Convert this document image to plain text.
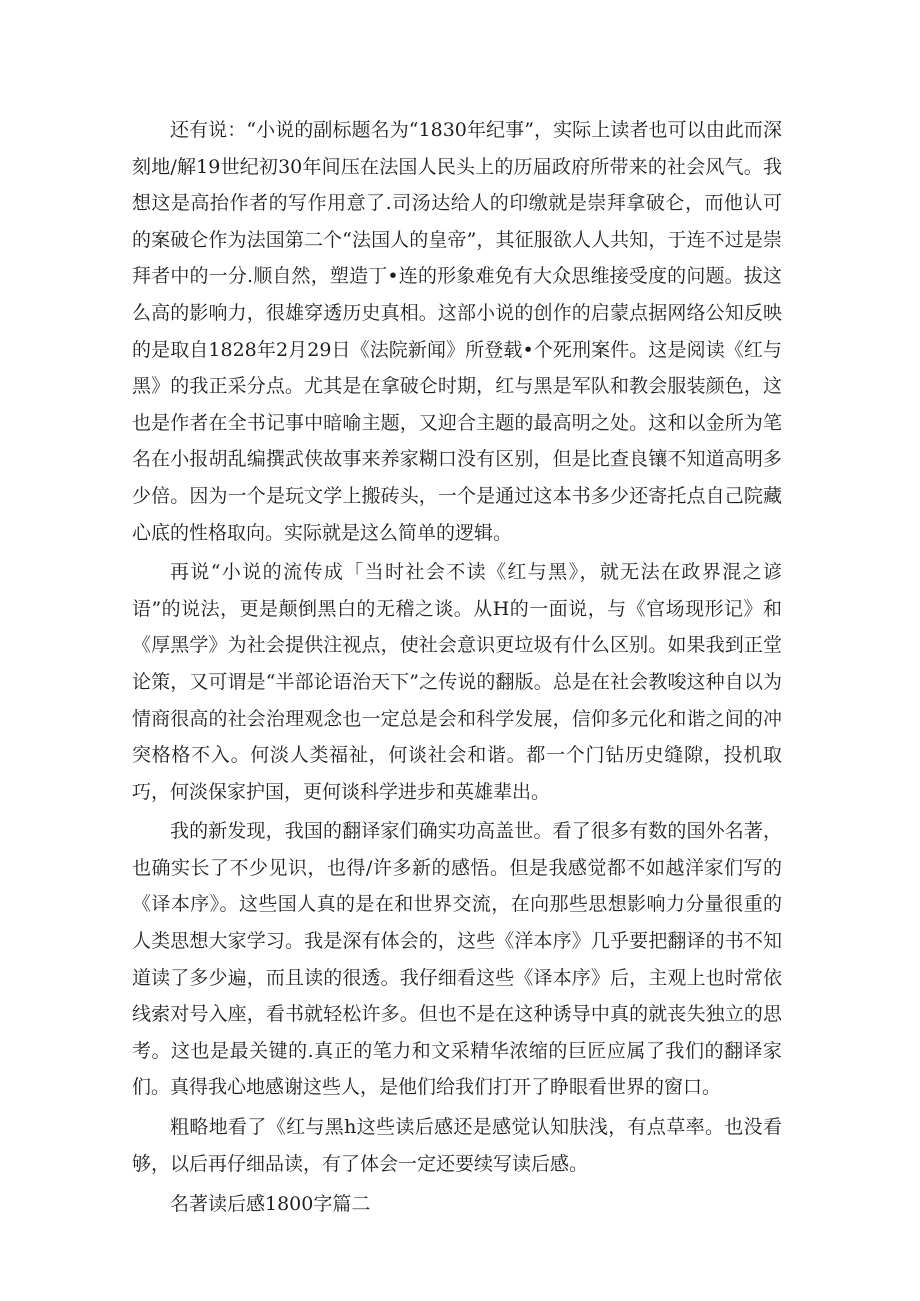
还有说：“小说的副标题名为“1830年纪事”，实际上读者也可以由此而深刻地/解19世纪初30年间压在法国人民头上的历届政府所带来的社会风气。我想这是高抬作者的写作用意了.司汤达给人的印缴就是崇拜拿破仑，而他认可的案破仑作为法国第二个“法国人的皇帝”，其征服欲人人共知，于连不过是崇拜者中的一分.顺自然，塑造丁•连的形象难免有大众思维接受度的问题。拔这么高的影响力，很雄穿透历史真相。这部小说的创作的启蒙点据网络公知反映的是取自1828年2月29日《法院新闻》所登载•个死刑案件。这是阅读《红与黑》的我正采分点。尤其是在拿破仑时期，红与黑是军队和教会服装颜色，这也是作者在全书记事中暗喻主题，又迎合主题的最高明之处。这和以金所为笔名在小报胡乱编撰武侠故事来养家糊口没有区别，但是比查良镶不知道高明多少倍。因为一个是玩文学上搬砖头，一个是通过这本书多少还寄托点自己院藏心底的性格取向。实际就是这么简单的逻辑。

再说“小说的流传成「当时社会不读《红与黑》，就无法在政界混之谚语”的说法，更是颠倒黑白的无稽之谈。从H的一面说，与《官场现形记》和《厚黑学》为社会提供注视点，使社会意识更垃圾有什么区别。如果我到正堂论策，又可谓是“半部论语治天下”之传说的翻版。总是在社会教唆这种自以为情商很高的社会治理观念也一定总是会和科学发展，信仰多元化和谐之间的冲突格格不入。何淡人类福祉，何谈社会和谐。都一个门钻历史缝隙，投机取巧，何淡保家护国，更何谈科学进步和英雄辈出。

我的新发现，我国的翻译家们确实功高盖世。看了很多有数的国外名著，也确实长了不少见识，也得/许多新的感悟。但是我感觉都不如越洋家们写的《译本序》。这些国人真的是在和世界交流，在向那些思想影响力分量很重的人类思想大家学习。我是深有体会的，这些《洋本序》几乎要把翻译的书不知道读了多少遍，而且读的很透。我仔细看这些《译本序》后，主观上也时常依线索对号入座，看书就轻松许多。但也不是在这种诱导中真的就丧失独立的思考。这也是最关键的.真正的笔力和文采精华浓缩的巨匠应属了我们的翻译家们。真得我心地感谢这些人，是他们给我们打开了睁眼看世界的窗口。

粗略地看了《红与黑h这些读后感还是感觉认知肤浅，有点草率。也没看够，以后再仔细品读，有了体会一定还要续写读后感。

名著读后感1800字篇二
